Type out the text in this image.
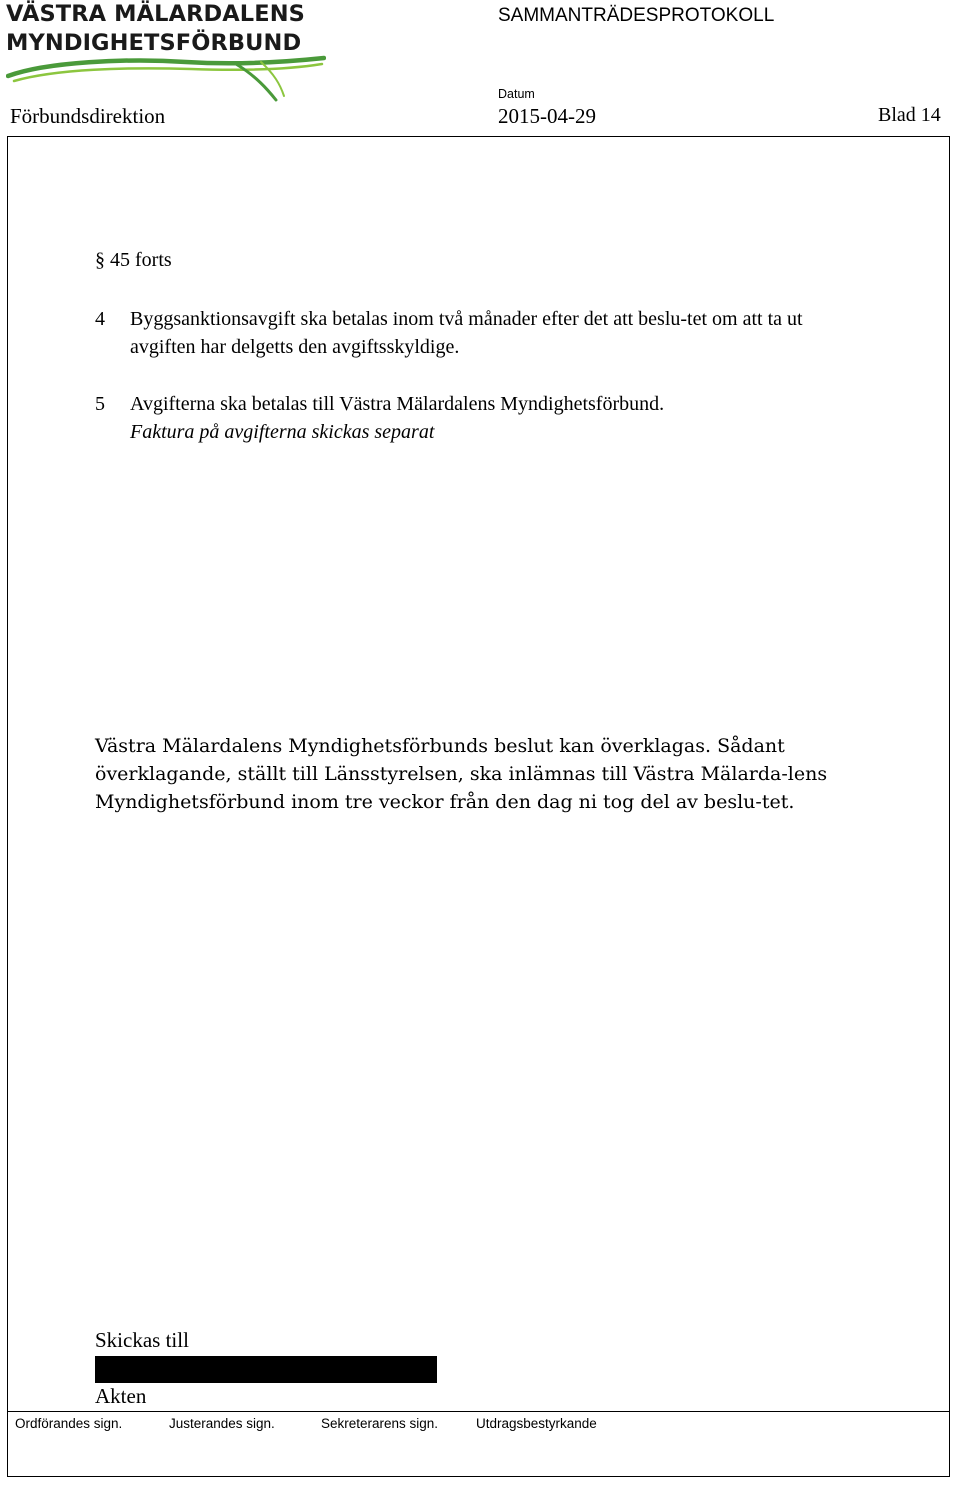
VÄSTRA MÄLARDALENS
MYNDIGHETSFÖRBUND
SAMMANTRÄDESPROTOKOLL
Datum
Förbundsdirektion	2015-04-29	Blad 14
§ 45 forts
4 Byggsanktionsavgift ska betalas inom två månader efter det att beslu-tet om att ta ut avgiften har delgetts den avgiftsskyldige.
5 Avgifterna ska betalas till Västra Mälardalens Myndighetsförbund.
Faktura på avgifterna skickas separat
Västra Mälardalens Myndighetsförbunds beslut kan överklagas. Sådant överklagande, ställt till Länsstyrelsen, ska inlämnas till Västra Mälarda-lens Myndighetsförbund inom tre veckor från den dag ni tog del av beslu-tet.
Skickas till
Akten
Ordförandes sign.	Justerandes sign.	Sekreterarens sign.	Utdragsbestyrkande
